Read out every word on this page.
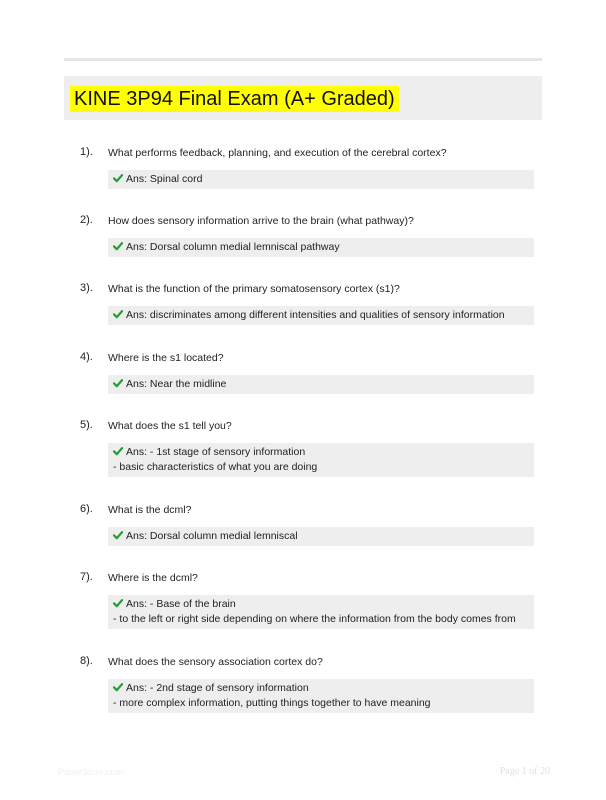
KINE 3P94 Final Exam (A+ Graded)
1). What performs feedback, planning, and execution of the cerebral cortex?
Ans: Spinal cord
2). How does sensory information arrive to the brain (what pathway)?
Ans: Dorsal column medial lemniscal pathway
3). What is the function of the primary somatosensory cortex (s1)?
Ans: discriminates among different intensities and qualities of sensory information
4). Where is the s1 located?
Ans: Near the midline
5). What does the s1 tell you?
Ans: - 1st stage of sensory information
- basic characteristics of what you are doing
6). What is the dcml?
Ans: Dorsal column medial lemniscal
7). Where is the dcml?
Ans: - Base of the brain
- to the left or right side depending on where the information from the body comes from
8). What does the sensory association cortex do?
Ans: - 2nd stage of sensory information
- more complex information, putting things together to have meaning
PaperStore.com	Page 1 of 20
